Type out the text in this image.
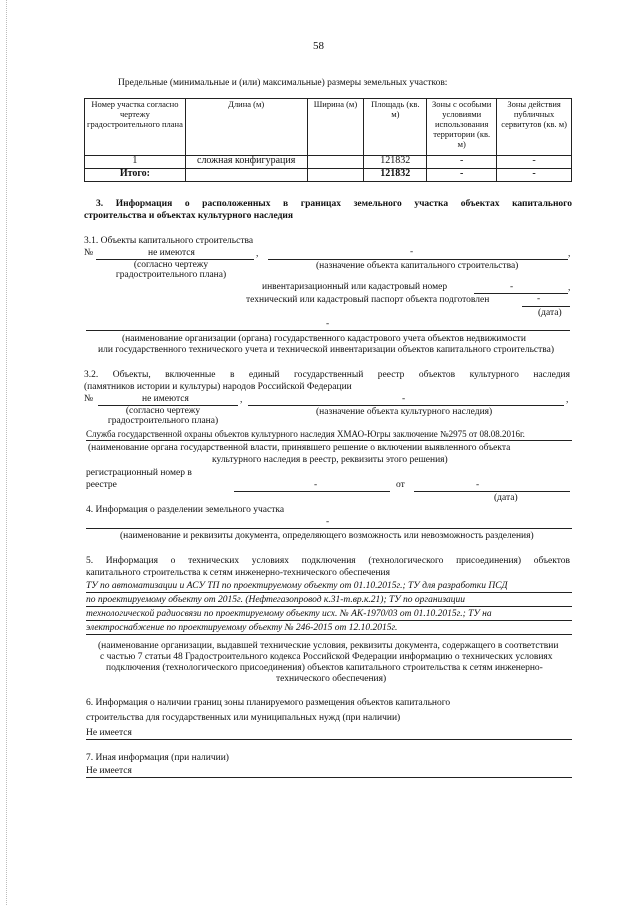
58
Предельные (минимальные и (или) максимальные) размеры земельных участков:
Номер участка согласно чертежу градостроительного плана	Длина (м)	Ширина (м)	Площадь (кв. м)	Зоны с особыми условиями использования территории (кв. м)	Зоны действия публичных сервитутов (кв. м)
1	сложная конфигурация		121832	-	-
Итого:			121832	-	-
3. Информация о расположенных в границах земельного участка объектах капитального
строительства и объектах культурного наследия
3.1. Объекты капитального строительства
№	не имеются	,	-	,
(согласно чертежу градостроительного плана)
(назначение объекта капитального строительства)
инвентаризационный или кадастровый номер	-	,
технический или кадастровый паспорт объекта подготовлен	-
(дата)
-
(наименование организации (органа) государственного кадастрового учета объектов недвижимости
или государственного технического учета и технической инвентаризации объектов капитального строительства)
3.2. Объекты, включенные в единый государственный реестр объектов культурного наследия
(памятников истории и культуры) народов Российской Федерации
№	не имеются	,	-	,
(согласно чертежу градостроительного плана)
(назначение объекта культурного наследия)
Служба государственной охраны объектов культурного наследия ХМАО-Югры заключение №2975 от 08.08.2016г.
(наименование органа государственной власти, принявшего решение о включении выявленного объекта
культурного наследия в реестр, реквизиты этого решения)
регистрационный номер в
реестре	-	от	-
(дата)
4. Информация о разделении земельного участка
-
(наименование и реквизиты документа, определяющего возможность или невозможность разделения)
5. Информация о технических условиях подключения (технологического присоединения) объектов
капитального строительства к сетям инженерно-технического обеспечения
ТУ по автоматизации и АСУ ТП по проектируемому объекту от 01.10.2015г.; ТУ для разработки ПСД
по проектируемому объекту от 2015г. (Нефтегазопровод к.31-т.вр.к.21); ТУ по организации
технологической радиосвязи по проектируемому объекту исх. № АК-1970/03 от 01.10.2015г.; ТУ на
электроснабжение по проектируемому объекту № 246-2015 от 12.10.2015г.
(наименование организации, выдавшей технические условия, реквизиты документа, содержащего в соответствии
с частью 7 статьи 48 Градостроительного кодекса Российской Федерации информацию о технических условиях
подключения (технологического присоединения) объектов капитального строительства к сетям инженерно-
технического обеспечения)
6. Информация о наличии границ зоны планируемого размещения объектов капитального
строительства для государственных или муниципальных нужд (при наличии)
Не имеется
7. Иная информация (при наличии)
Не имеется
